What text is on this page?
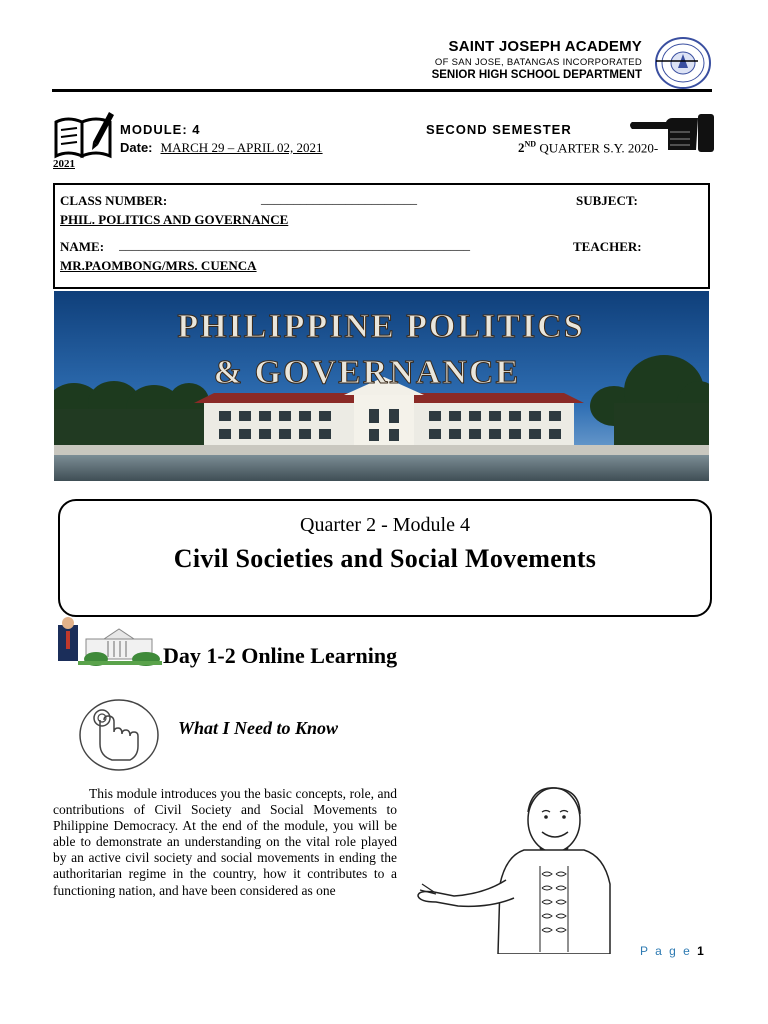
SAINT JOSEPH ACADEMY
OF SAN JOSE, BATANGAS INCORPORATED
SENIOR HIGH SCHOOL DEPARTMENT
MODULE: 4	SECOND SEMESTER
Date: MARCH 29 – APRIL 02, 2021	2ND QUARTER S.Y. 2020-
2021
CLASS NUMBER:	________________________	SUBJECT:
PHIL. POLITICS AND GOVERNANCE
NAME: ______________________________________________________	TEACHER:
MR.PAOMBONG/MRS. CUENCA
PHILIPPINE POLITICS
& GOVERNANCE
Quarter 2 - Module 4
Civil Societies and Social Movements
Day 1-2 Online Learning
What I Need to Know
This module introduces you the basic concepts, role, and contributions of Civil Society and Social Movements to Philippine Democracy. At the end of the module, you will be able to demonstrate an understanding on the vital role played by an active civil society and social movements in ending the authoritarian regime in the country, how it contributes to a functioning nation, and have been considered as one
P a g e 1
